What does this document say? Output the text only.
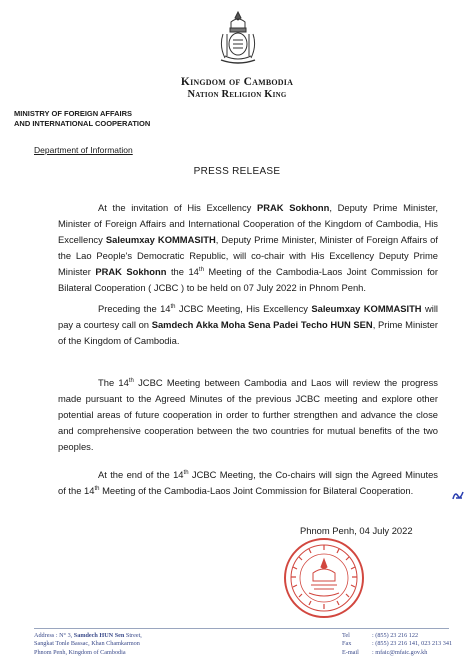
Kingdom of Cambodia
Nation Religion King
MINISTRY OF FOREIGN AFFAIRS
AND INTERNATIONAL COOPERATION
Department of Information
PRESS RELEASE

At the invitation of His Excellency PRAK Sokhonn, Deputy Prime Minister, Minister of Foreign Affairs and International Cooperation of the Kingdom of Cambodia, His Excellency Saleumxay KOMMASITH, Deputy Prime Minister, Minister of Foreign Affairs of the Lao People's Democratic Republic, will co-chair with His Excellency Deputy Prime Minister PRAK Sokhonn the 14th Meeting of the Cambodia-Laos Joint Commission for Bilateral Cooperation ( JCBC ) to be held on 07 July 2022 in Phnom Penh.

Preceding the 14th JCBC Meeting, His Excellency Saleumxay KOMMASITH will pay a courtesy call on Samdech Akka Moha Sena Padei Techo HUN SEN, Prime Minister of the Kingdom of Cambodia.

The 14th JCBC Meeting between Cambodia and Laos will review the progress made pursuant to the Agreed Minutes of the previous JCBC meeting and explore other potential areas of future cooperation in order to further strengthen and advance the close and comprehensive cooperation between the two countries for mutual benefits of the two peoples.

At the end of the 14th JCBC Meeting, the Co-chairs will sign the Agreed Minutes of the 14th Meeting of the Cambodia-Laos Joint Commission for Bilateral Cooperation.

Phnom Penh, 04 July 2022
Address : N° 3, Samdech HUN Sen Street,
Sangkat Tonle Bassac, Khan Chamkarmon
Phnom Penh, Kingdom of Cambodia
Tel	: (855) 23 216 122
Fax	: (855) 23 216 141, 023 213 341
E-mail	: mfaic@mfaic.gov.kh
